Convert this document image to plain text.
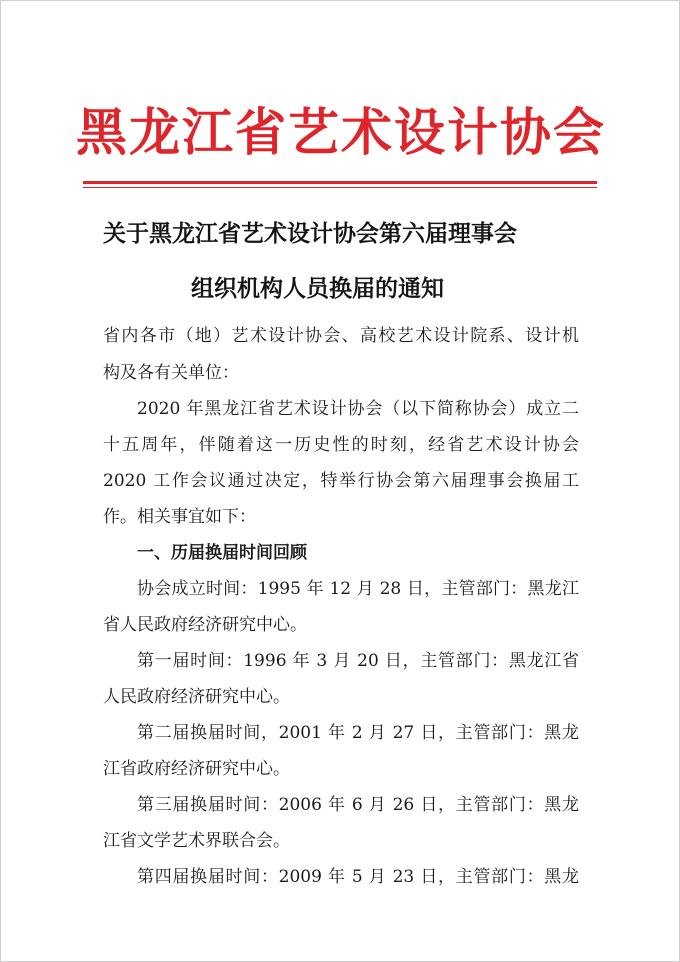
黑龙江省艺术设计协会
关于黑龙江省艺术设计协会第六届理事会
组织机构人员换届的通知
省内各市（地）艺术设计协会、高校艺术设计院系、设计机
构及各有关单位：
2020 年黑龙江省艺术设计协会（以下简称协会）成立二
十五周年，伴随着这一历史性的时刻，经省艺术设计协会
2020 工作会议通过决定，特举行协会第六届理事会换届工
作。相关事宜如下：
一、历届换届时间回顾
协会成立时间：1995 年 12 月 28 日，主管部门：黑龙江
省人民政府经济研究中心。
第一届时间：1996 年 3 月 20 日，主管部门：黑龙江省
人民政府经济研究中心。
第二届换届时间，2001 年 2 月 27 日，主管部门：黑龙
江省政府经济研究中心。
第三届换届时间：2006 年 6 月 26 日，主管部门：黑龙
江省文学艺术界联合会。
第四届换届时间：2009 年 5 月 23 日，主管部门：黑龙
